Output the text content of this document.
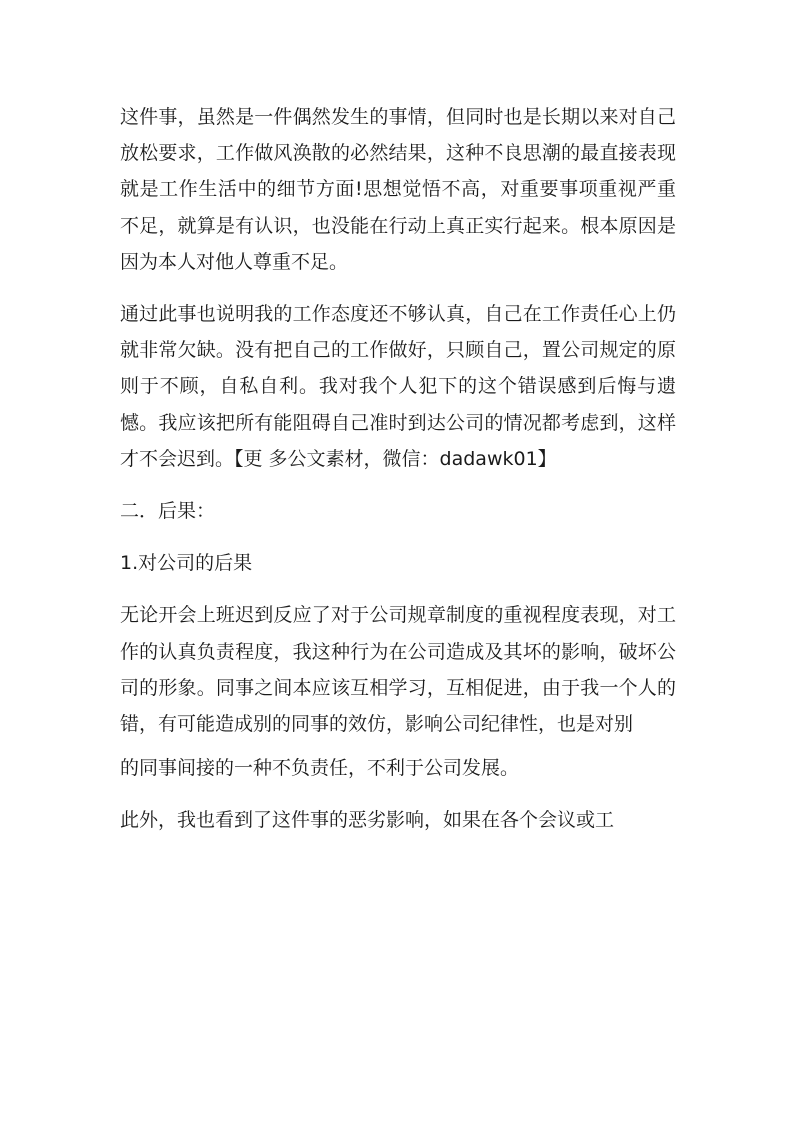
这件事，虽然是一件偶然发生的事情，但同时也是长期以来对自己放松要求，工作做风涣散的必然结果，这种不良思潮的最直接表现就是工作生活中的细节方面!思想觉悟不高，对重要事项重视严重不足，就算是有认识，也没能在行动上真正实行起来。根本原因是因为本人对他人尊重不足。

通过此事也说明我的工作态度还不够认真，自己在工作责任心上仍就非常欠缺。没有把自己的工作做好，只顾自己，置公司规定的原则于不顾，自私自利。我对我个人犯下的这个错误感到后悔与遗憾。我应该把所有能阻碍自己准时到达公司的情况都考虑到，这样才不会迟到。【更 多公文素材，微信：dadawk01】

二．后果：

1.对公司的后果

无论开会上班迟到反应了对于公司规章制度的重视程度表现，对工作的认真负责程度，我这种行为在公司造成及其坏的影响，破坏公司的形象。同事之间本应该互相学习，互相促进，由于我一个人的错，有可能造成别的同事的效仿，影响公司纪律性，也是对别

的同事间接的一种不负责任，不利于公司发展。

此外，我也看到了这件事的恶劣影响，如果在各个会议或工
